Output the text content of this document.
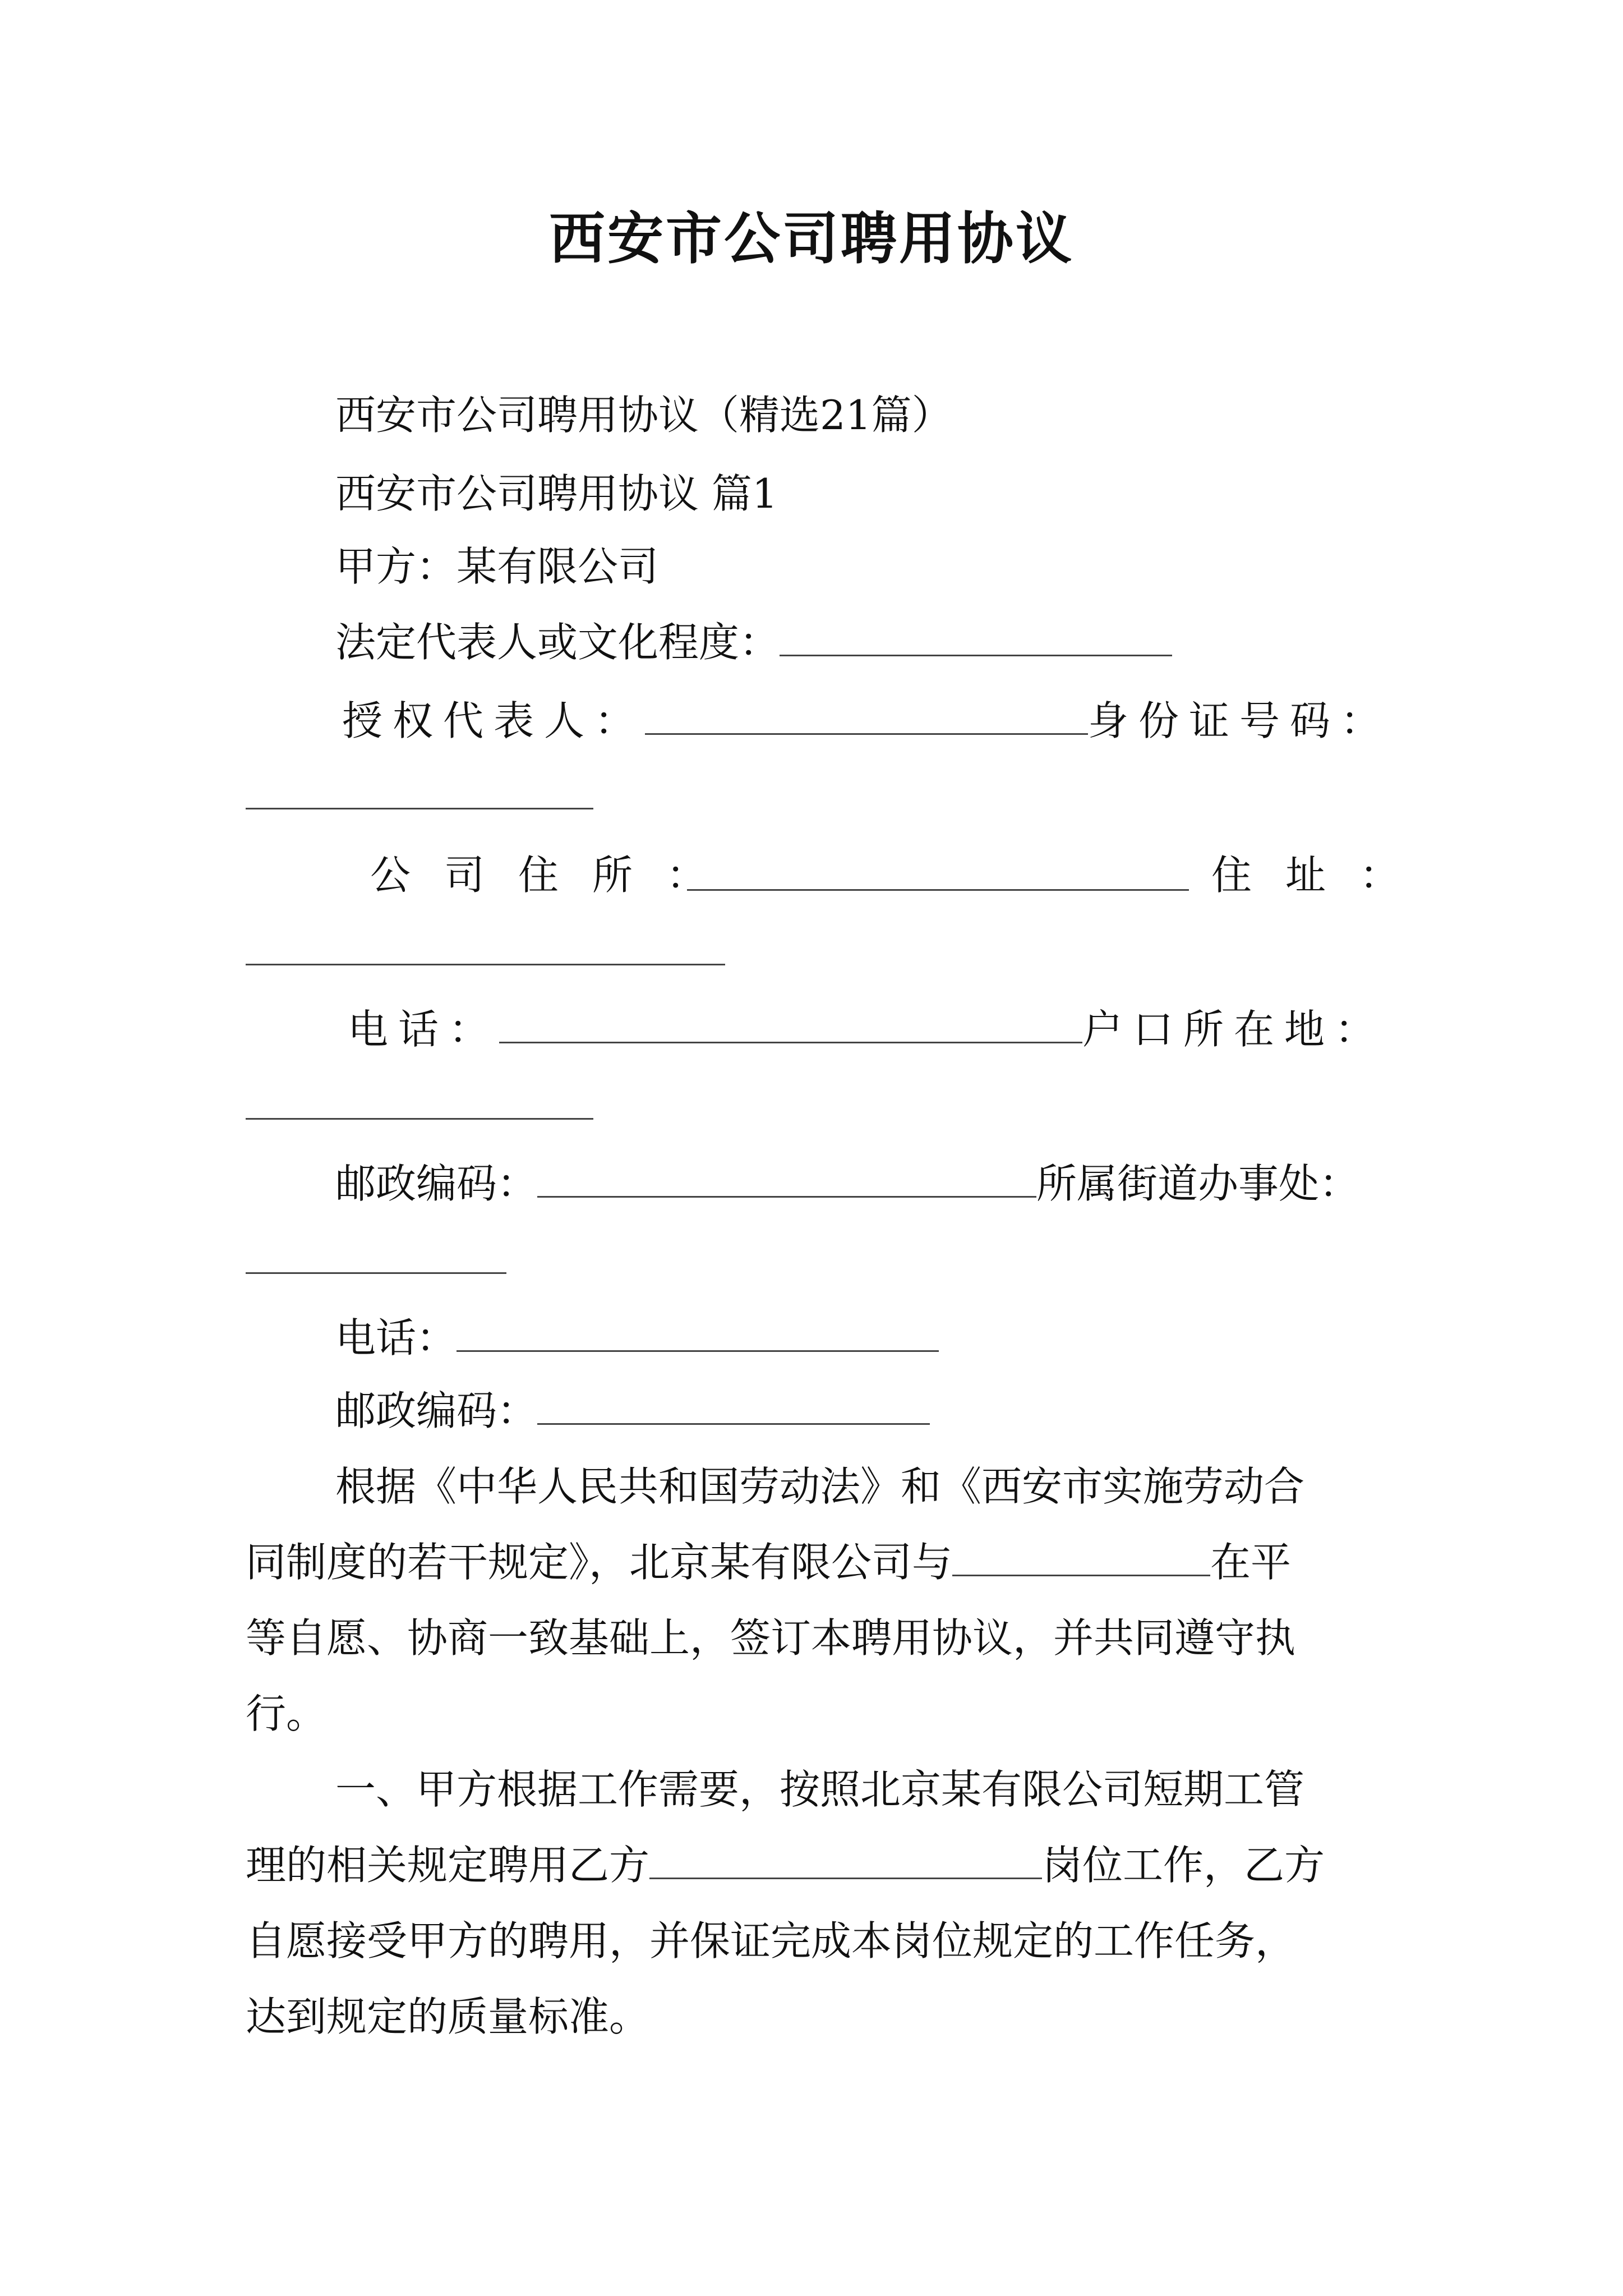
西安市公司聘用协议
西安市公司聘用协议（精选21篇）
西安市公司聘用协议 篇1
甲方：某有限公司
法定代表人或文化程度：
授权代表人：	身份证号码：
公司住所：	住址：
电话：	户口所在地：
邮政编码：	所属街道办事处：
电话：
邮政编码：
根据《中华人民共和国劳动法》和《西安市实施劳动合
同制度的若干规定》，北京某有限公司与	在平
等自愿、协商一致基础上，签订本聘用协议，并共同遵守执
行。
一、甲方根据工作需要，按照北京某有限公司短期工管
理的相关规定聘用乙方	岗位工作，乙方
自愿接受甲方的聘用，并保证完成本岗位规定的工作任务，
达到规定的质量标准。
